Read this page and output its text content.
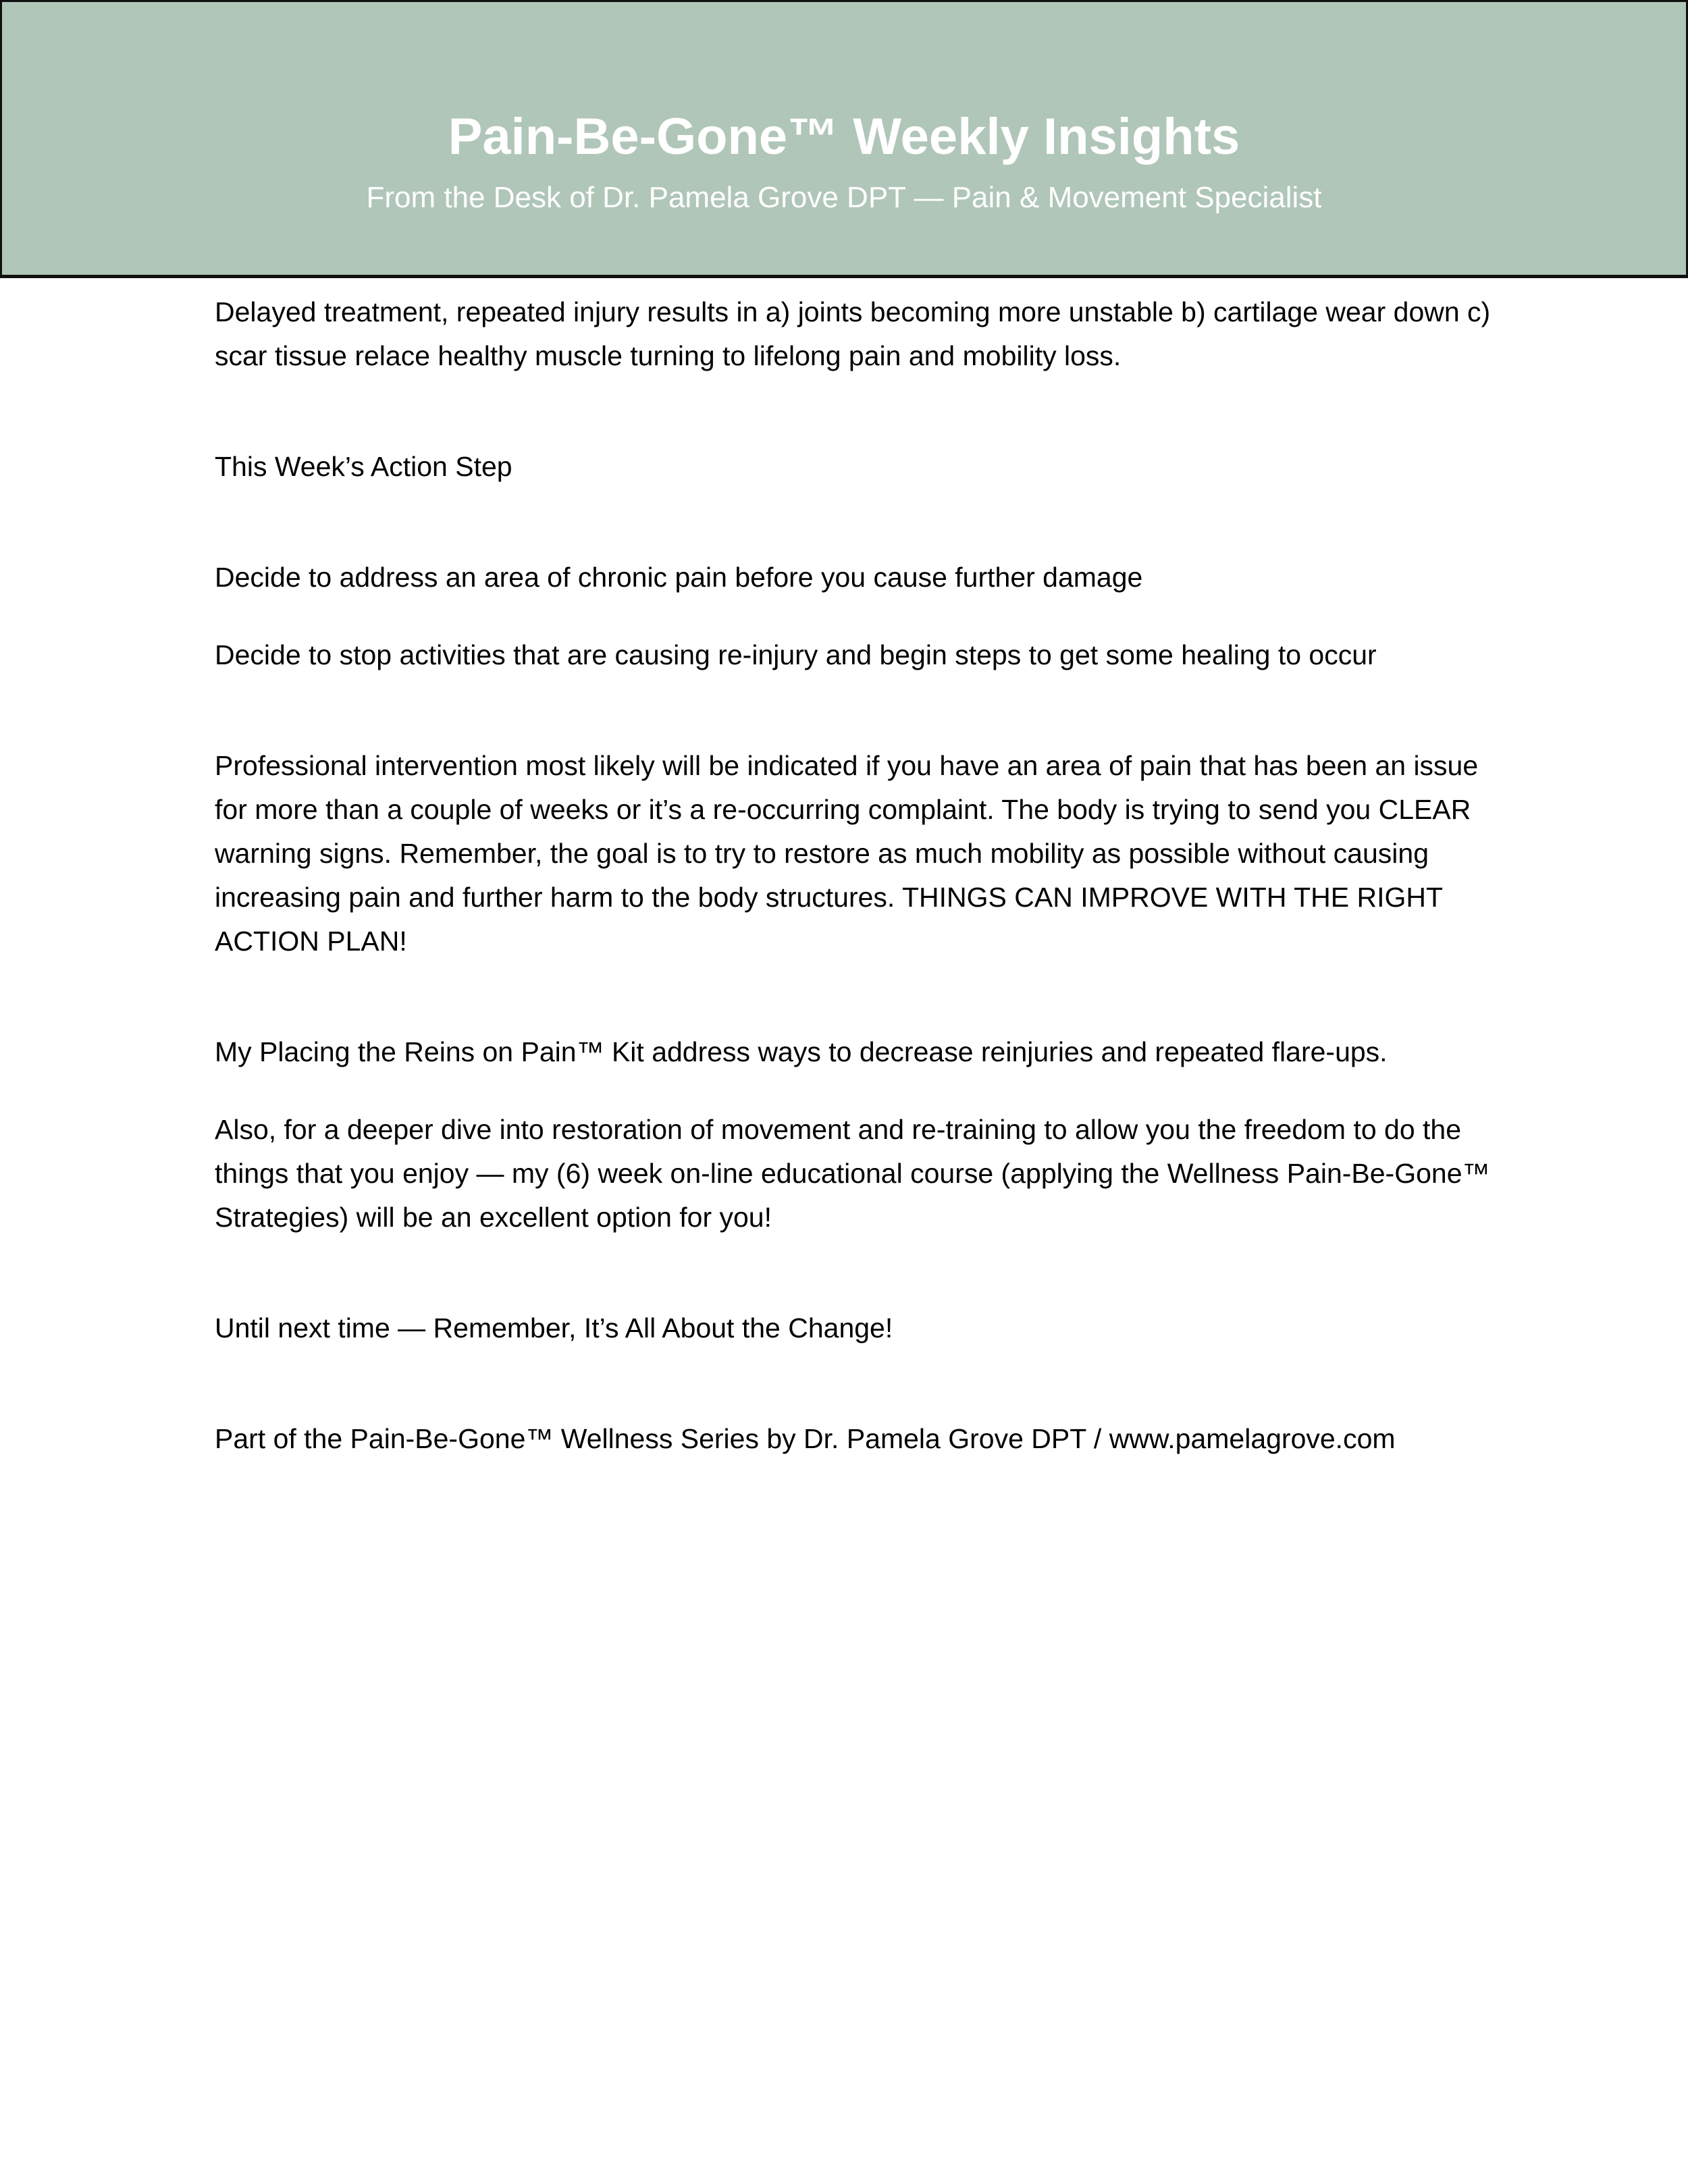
Pain-Be-Gone™ Weekly Insights
From the Desk of Dr. Pamela Grove DPT — Pain & Movement Specialist

Delayed treatment, repeated injury results in a) joints becoming more unstable b) cartilage wear down c) scar tissue relace healthy muscle turning to lifelong pain and mobility loss.

This Week’s Action Step

Decide to address an area of chronic pain before you cause further damage

Decide to stop activities that are causing re-injury and begin steps to get some healing to occur

Professional intervention most likely will be indicated if you have an area of pain that has been an issue for more than a couple of weeks or it’s a re-occurring complaint. The body is trying to send you CLEAR warning signs. Remember, the goal is to try to restore as much mobility as possible without causing increasing pain and further harm to the body structures. THINGS CAN IMPROVE WITH THE RIGHT ACTION PLAN!

My Placing the Reins on Pain™ Kit address ways to decrease reinjuries and repeated flare-ups.

Also, for a deeper dive into restoration of movement and re-training to allow you the freedom to do the things that you enjoy — my (6) week on-line educational course (applying the Wellness Pain-Be-Gone™ Strategies) will be an excellent option for you!

Until next time — Remember, It’s All About the Change!

Part of the Pain-Be-Gone™ Wellness Series by Dr. Pamela Grove DPT / www.pamelagrove.com
